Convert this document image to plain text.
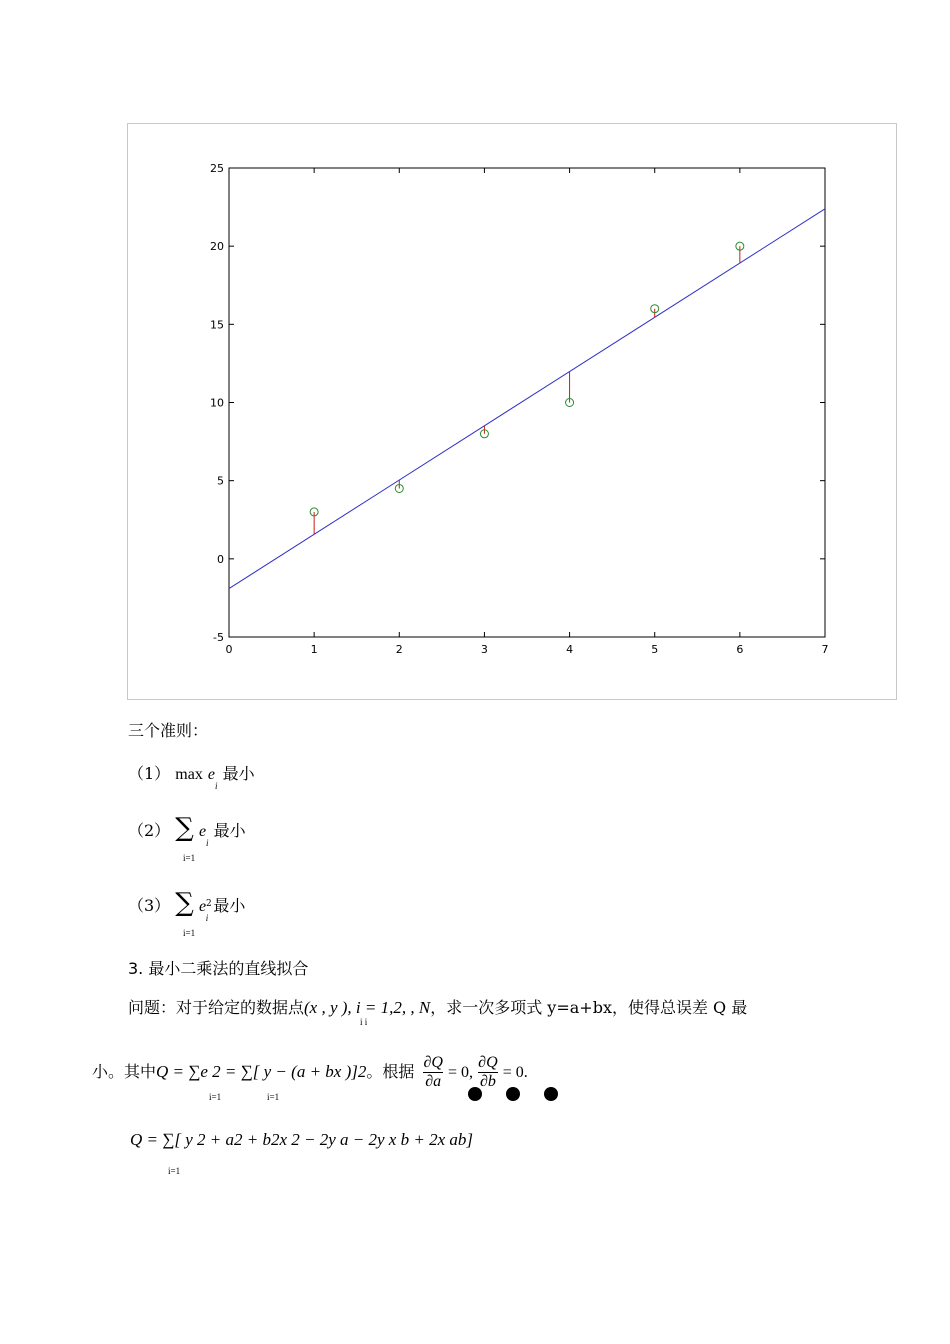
0	1	2	3	4	5	6	7
-5
0
5
10
15
20
25
三个准则：
（1） $\max e_i$ 最小
（2） ∑ $e_i$ 最小
i=1
（3） ∑ $e^2_i$ 最小
i=1
3. 最小二乘法的直线拟合
问题：对于给定的数据点(x , y ), i = 1,2, , N，求一次多项式 y=a+bx，使得总误差 Q 最
i i
小。其中Q = ∑e 2 = ∑[ y − (a + bx )]2。根据 $\frac{\partial Q}{\partial a} = 0$, $\frac{\partial Q}{\partial b} = 0$.
i=1	i=1
Q = ∑[ y 2 + a2 + b2x 2 − 2y a − 2y x b + 2x ab]
i=1
